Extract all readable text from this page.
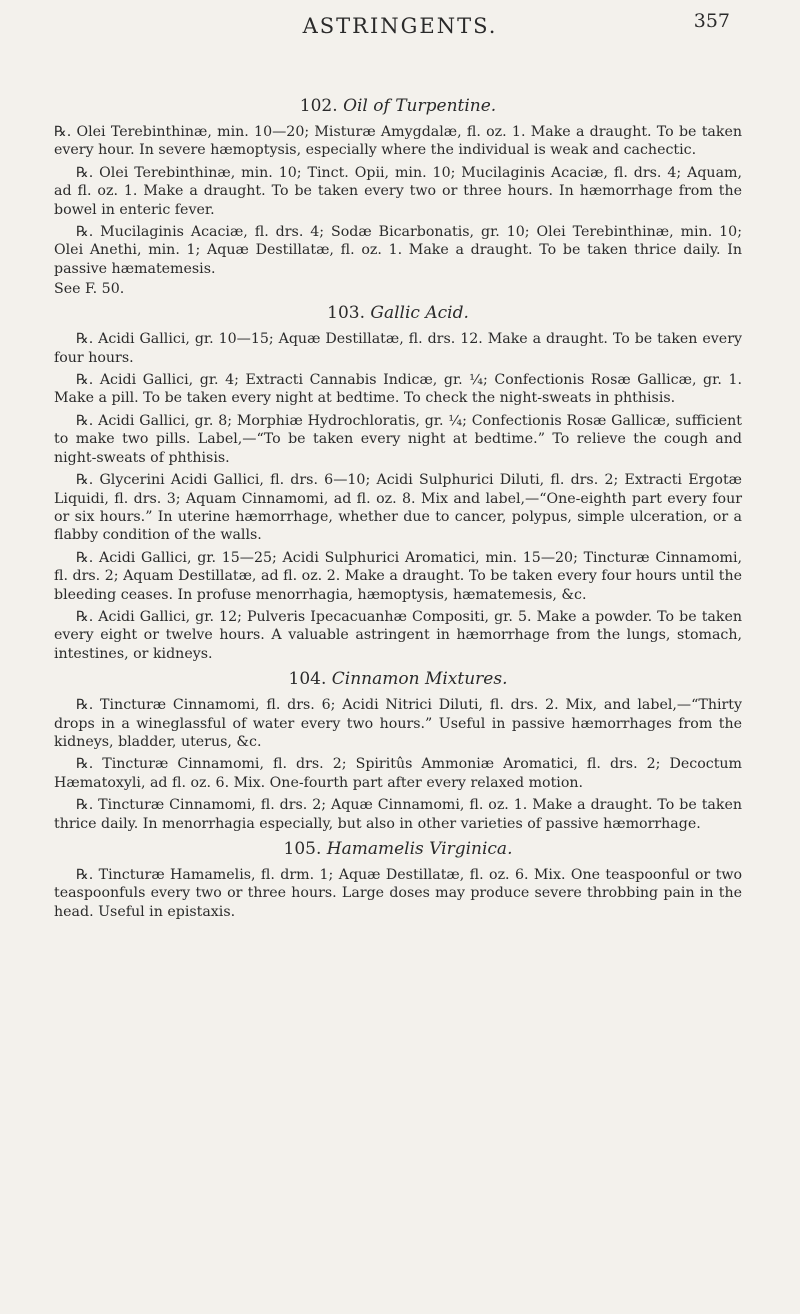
ASTRINGENTS.	357
102. Oil of Turpentine.

℞. Olei Terebinthinæ, min. 10—20; Misturæ Amygdalæ, fl. oz. 1. Make a draught. To be taken every hour. In severe hæmoptysis, especially where the individual is weak and cachectic.

℞. Olei Terebinthinæ, min. 10; Tinct. Opii, min. 10; Mucilaginis Acaciæ, fl. drs. 4; Aquam, ad fl. oz. 1. Make a draught. To be taken every two or three hours. In hæmorrhage from the bowel in enteric fever.

℞. Mucilaginis Acaciæ, fl. drs. 4; Sodæ Bicarbonatis, gr. 10; Olei Terebinthinæ, min. 10; Olei Anethi, min. 1; Aquæ Destillatæ, fl. oz. 1. Make a draught. To be taken thrice daily. In passive hæmatemesis.

See F. 50.
103. Gallic Acid.

℞. Acidi Gallici, gr. 10—15; Aquæ Destillatæ, fl. drs. 12. Make a draught. To be taken every four hours.

℞. Acidi Gallici, gr. 4; Extracti Cannabis Indicæ, gr. ¼; Confectionis Rosæ Gallicæ, gr. 1. Make a pill. To be taken every night at bedtime. To check the night-sweats in phthisis.

℞. Acidi Gallici, gr. 8; Morphiæ Hydrochloratis, gr. ¼; Confectionis Rosæ Gallicæ, sufficient to make two pills. Label,—“To be taken every night at bedtime.” To relieve the cough and night-sweats of phthisis.

℞. Glycerini Acidi Gallici, fl. drs. 6—10; Acidi Sulphurici Diluti, fl. drs. 2; Extracti Ergotæ Liquidi, fl. drs. 3; Aquam Cinnamomi, ad fl. oz. 8. Mix and label,—“One-eighth part every four or six hours.” In uterine hæmorrhage, whether due to cancer, polypus, simple ulceration, or a flabby condition of the walls.

℞. Acidi Gallici, gr. 15—25; Acidi Sulphurici Aromatici, min. 15—20; Tincturæ Cinnamomi, fl. drs. 2; Aquam Destillatæ, ad fl. oz. 2. Make a draught. To be taken every four hours until the bleeding ceases. In profuse menorrhagia, hæmoptysis, hæmatemesis, &c.

℞. Acidi Gallici, gr. 12; Pulveris Ipecacuanhæ Compositi, gr. 5. Make a powder. To be taken every eight or twelve hours. A valuable astringent in hæmorrhage from the lungs, stomach, intestines, or kidneys.

104. Cinnamon Mixtures.

℞. Tincturæ Cinnamomi, fl. drs. 6; Acidi Nitrici Diluti, fl. drs. 2. Mix, and label,—“Thirty drops in a wineglassful of water every two hours.” Useful in passive hæmorrhages from the kidneys, bladder, uterus, &c.

℞. Tincturæ Cinnamomi, fl. drs. 2; Spiritûs Ammoniæ Aromatici, fl. drs. 2; Decoctum Hæmatoxyli, ad fl. oz. 6. Mix. One-fourth part after every relaxed motion.

℞. Tincturæ Cinnamomi, fl. drs. 2; Aquæ Cinnamomi, fl. oz. 1. Make a draught. To be taken thrice daily. In menorrhagia especially, but also in other varieties of passive hæmorrhage.

105. Hamamelis Virginica.

℞. Tincturæ Hamamelis, fl. drm. 1; Aquæ Destillatæ, fl. oz. 6. Mix. One teaspoonful or two teaspoonfuls every two or three hours. Large doses may produce severe throbbing pain in the head. Useful in epistaxis.
